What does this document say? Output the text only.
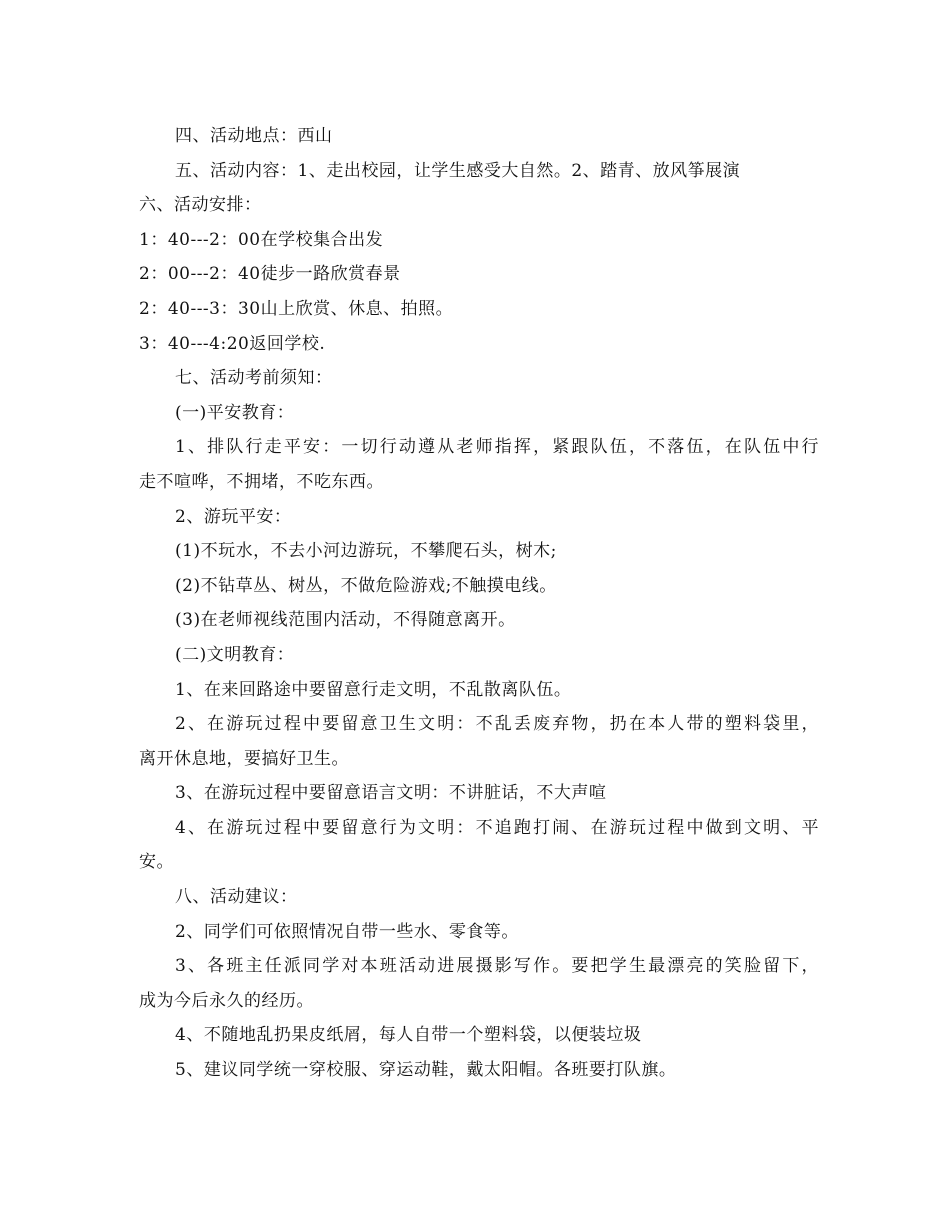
四、活动地点：西山
五、活动内容：1、走出校园，让学生感受大自然。2、踏青、放风筝展演
六、活动安排：
1：40---2：00在学校集合出发
2：00---2：40徒步一路欣赏春景
2：40---3：30山上欣赏、休息、拍照。
3：40---4:20返回学校.
七、活动考前须知：
(一)平安教育：
1、排队行走平安：一切行动遵从老师指挥，紧跟队伍，不落伍，在队伍中行
走不喧哗，不拥堵，不吃东西。
2、游玩平安：
(1)不玩水，不去小河边游玩，不攀爬石头，树木;
(2)不钻草丛、树丛，不做危险游戏;不触摸电线。
(3)在老师视线范围内活动，不得随意离开。
(二)文明教育：
1、在来回路途中要留意行走文明，不乱散离队伍。
2、在游玩过程中要留意卫生文明：不乱丢废弃物，扔在本人带的塑料袋里，
离开休息地，要搞好卫生。
3、在游玩过程中要留意语言文明：不讲脏话，不大声喧
4、在游玩过程中要留意行为文明：不追跑打闹、在游玩过程中做到文明、平
安。
八、活动建议：
2、同学们可依照情况自带一些水、零食等。
3、各班主任派同学对本班活动进展摄影写作。要把学生最漂亮的笑脸留下，
成为今后永久的经历。
4、不随地乱扔果皮纸屑，每人自带一个塑料袋，以便装垃圾
5、建议同学统一穿校服、穿运动鞋，戴太阳帽。各班要打队旗。
